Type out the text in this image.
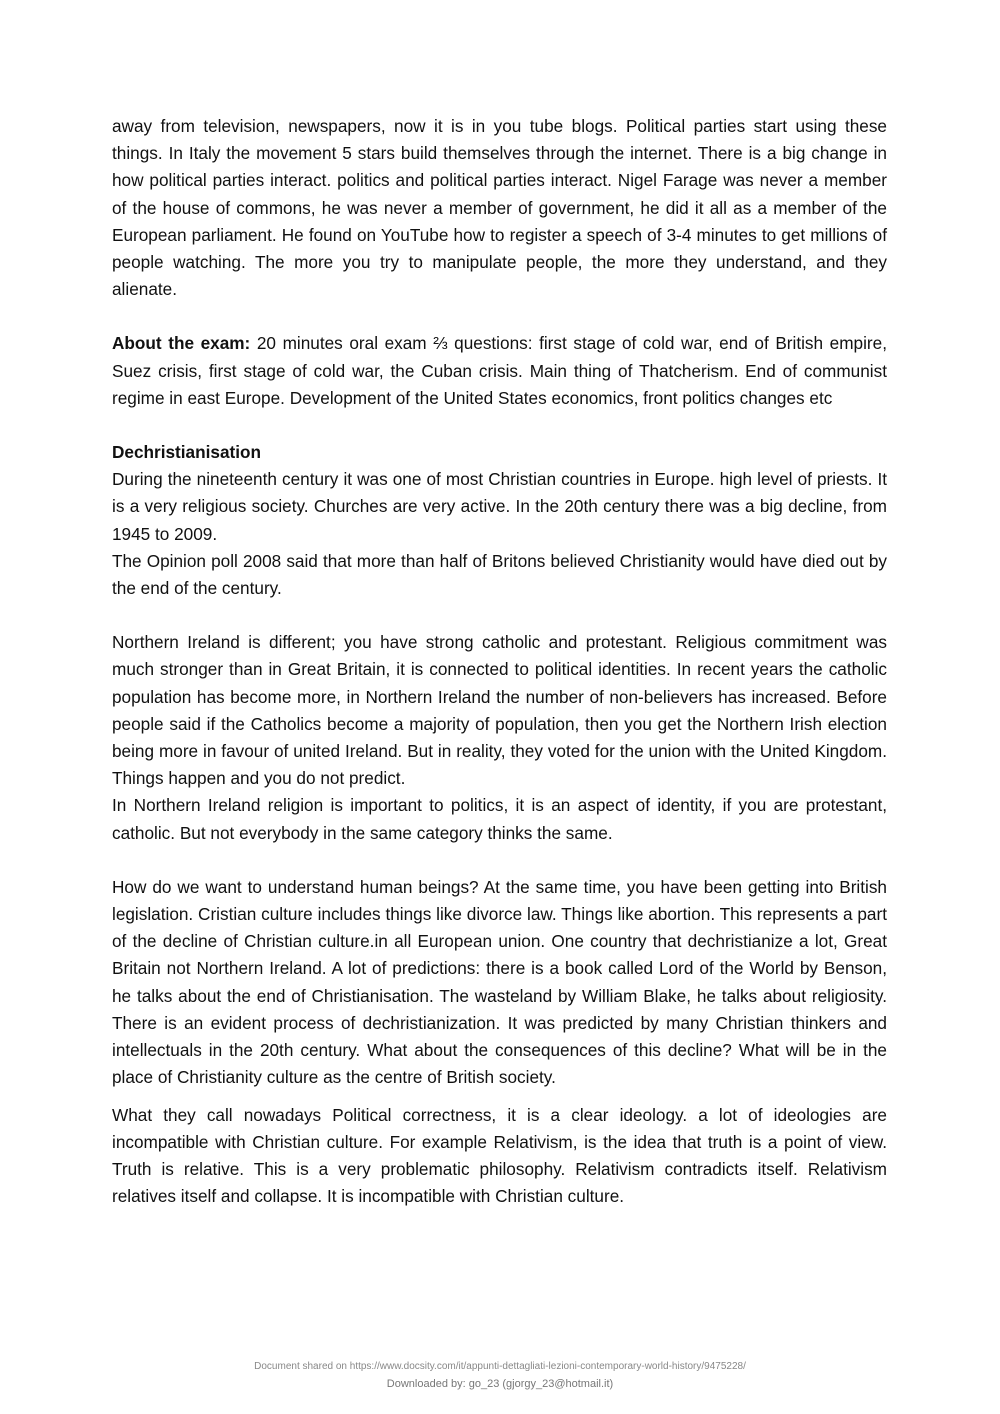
away from television, newspapers, now it is in you tube blogs. Political parties start using these things. In Italy the movement 5 stars build themselves through the internet. There is a big change in how political parties interact. politics and political parties interact. Nigel Farage was never a member of the house of commons, he was never a member of government, he did it all as a member of the European parliament. He found on YouTube how to register a speech of 3-4 minutes to get millions of people watching. The more you try to manipulate people, the more they understand, and they alienate.

About the exam: 20 minutes oral exam ⅔ questions: first stage of cold war, end of British empire, Suez crisis, first stage of cold war, the Cuban crisis. Main thing of Thatcherism. End of communist regime in east Europe. Development of the United States economics, front politics changes etc

Dechristianisation

During the nineteenth century it was one of most Christian countries in Europe. high level of priests. It is a very religious society. Churches are very active. In the 20th century there was a big decline, from 1945 to 2009.

The Opinion poll 2008 said that more than half of Britons believed Christianity would have died out by the end of the century.

Northern Ireland is different; you have strong catholic and protestant. Religious commitment was much stronger than in Great Britain, it is connected to political identities. In recent years the catholic population has become more, in Northern Ireland the number of non-believers has increased. Before people said if the Catholics become a majority of population, then you get the Northern Irish election being more in favour of united Ireland. But in reality, they voted for the union with the United Kingdom. Things happen and you do not predict.

In Northern Ireland religion is important to politics, it is an aspect of identity, if you are protestant, catholic. But not everybody in the same category thinks the same.

How do we want to understand human beings? At the same time, you have been getting into British legislation. Cristian culture includes things like divorce law. Things like abortion. This represents a part of the decline of Christian culture.in all European union. One country that dechristianize a lot, Great Britain not Northern Ireland. A lot of predictions: there is a book called Lord of the World by Benson, he talks about the end of Christianisation. The wasteland by William Blake, he talks about religiosity. There is an evident process of dechristianization. It was predicted by many Christian thinkers and intellectuals in the 20th century. What about the consequences of this decline? What will be in the place of Christianity culture as the centre of British society.

What they call nowadays Political correctness, it is a clear ideology. a lot of ideologies are incompatible with Christian culture. For example Relativism, is the idea that truth is a point of view. Truth is relative. This is a very problematic philosophy. Relativism contradicts itself. Relativism relatives itself and collapse. It is incompatible with Christian culture.

Document shared on https://www.docsity.com/it/appunti-dettagliati-lezioni-contemporary-world-history/9475228/
Downloaded by: go_23 (gjorgy_23@hotmail.it)
